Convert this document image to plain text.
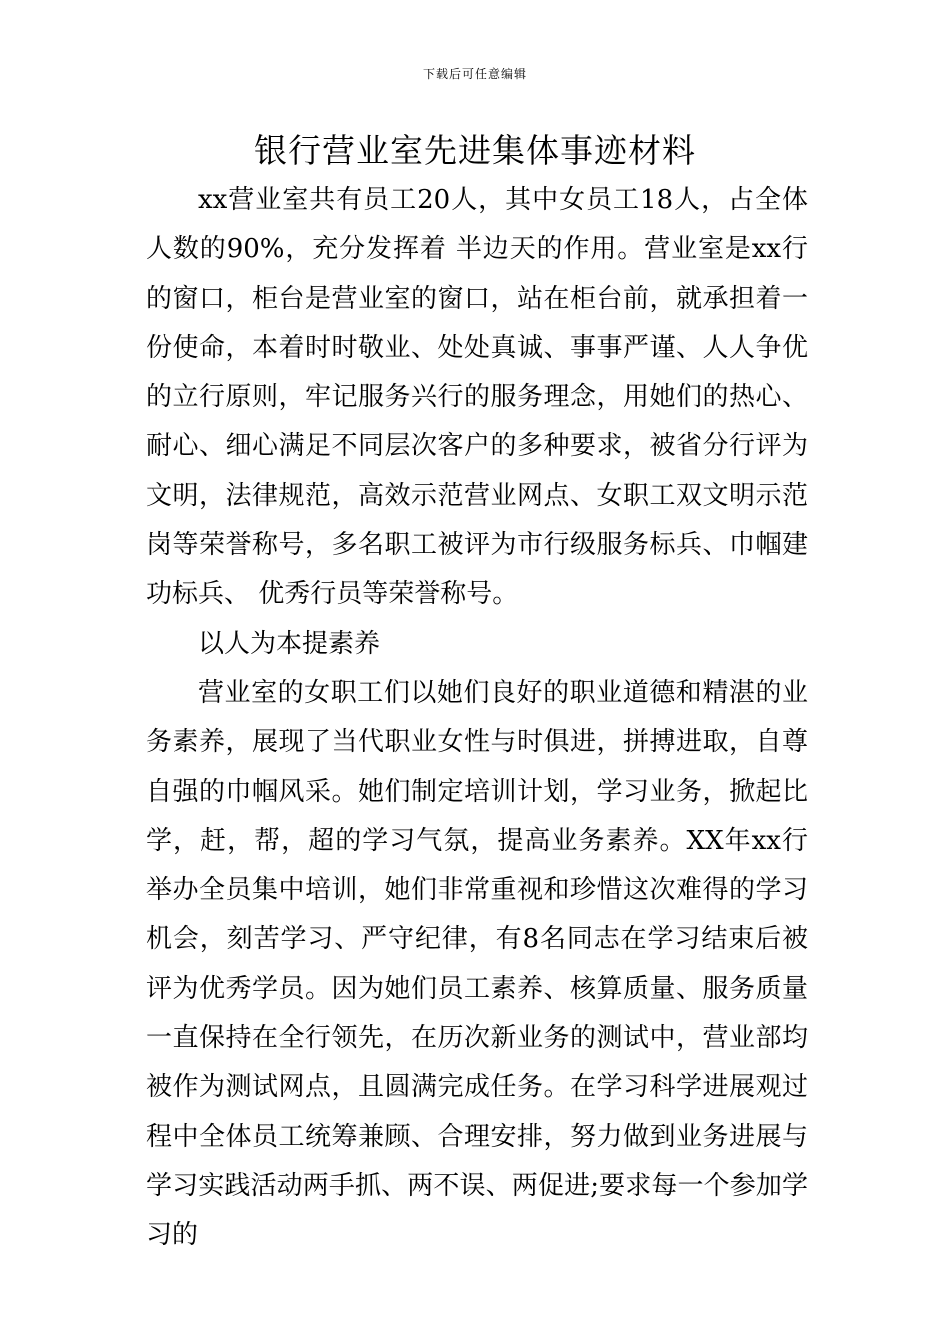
下载后可任意编辑
银行营业室先进集体事迹材料

xx营业室共有员工20人，其中女员工18人，占全体人数的90%，充分发挥着 半边天的作用。营业室是xx行的窗口，柜台是营业室的窗口，站在柜台前，就承担着一份使命，本着时时敬业、处处真诚、事事严谨、人人争优的立行原则，牢记服务兴行的服务理念，用她们的热心、耐心、细心满足不同层次客户的多种要求，被省分行评为文明，法律规范，高效示范营业网点、女职工双文明示范岗等荣誉称号，多名职工被评为市行级服务标兵、巾帼建功标兵、 优秀行员等荣誉称号。

以人为本提素养

营业室的女职工们以她们良好的职业道德和精湛的业务素养，展现了当代职业女性与时俱进，拼搏进取，自尊自强的巾帼风采。她们制定培训计划，学习业务，掀起比学，赶，帮，超的学习气氛，提高业务素养。XX年xx行举办全员集中培训，她们非常重视和珍惜这次难得的学习机会，刻苦学习、严守纪律，有8名同志在学习结束后被评为优秀学员。因为她们员工素养、核算质量、服务质量一直保持在全行领先，在历次新业务的测试中，营业部均被作为测试网点，且圆满完成任务。在学习科学进展观过程中全体员工统筹兼顾、合理安排，努力做到业务进展与学习实践活动两手抓、两不误、两促进;要求每一个参加学习的
